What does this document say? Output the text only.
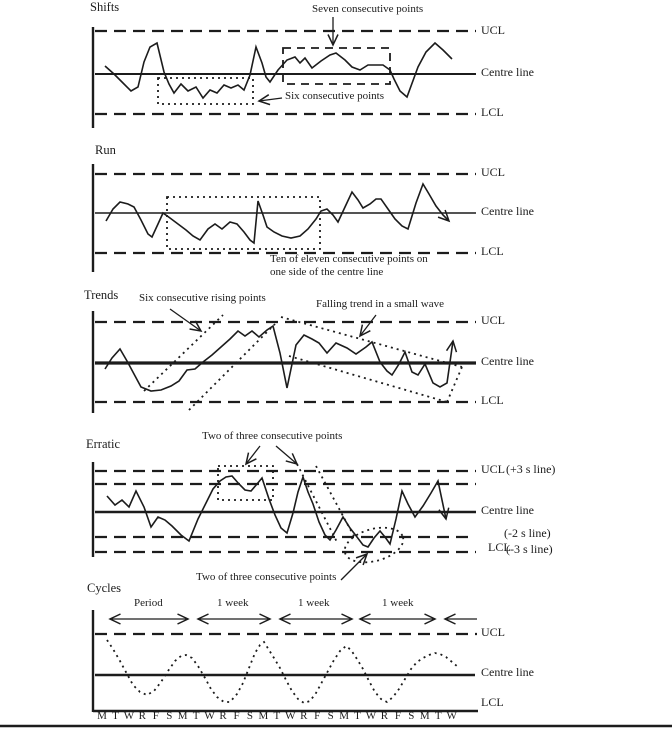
Shifts	Seven consecutive points
Six consecutive points
UCL
Centre line
LCL
Run
UCL
Centre line
LCL
Ten of eleven consecutive points on
one side of the centre line
Trends Six consecutive rising points	Falling trend in a small wave
UCL
Centre line
LCL
Erratic
Two of three consecutive points
UCL (+3 s line)
Centre line
(-2 s line)
LCL
(-3 s line)
Two of three consecutive points
Cycles
Period	1 week	1 week	1 week
UCL
Centre line
LCL
M T W R F S M T W R F S M T W R F S M T W R F S M T W
